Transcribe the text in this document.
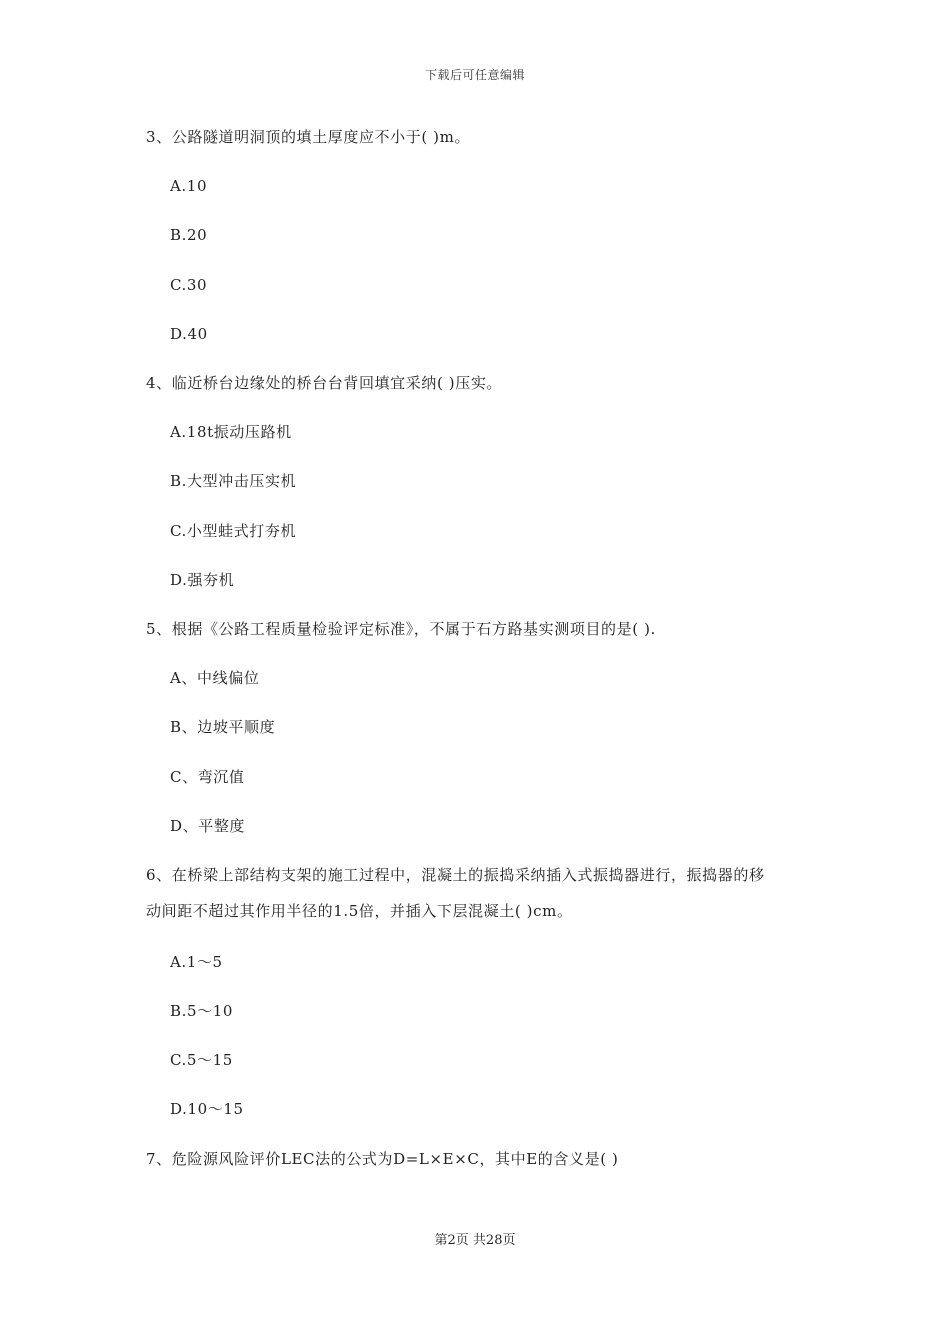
下载后可任意编辑
3、公路隧道明洞顶的填土厚度应不小于( )m。
A.10
B.20
C.30
D.40
4、临近桥台边缘处的桥台台背回填宜采纳( )压实。
A.18t振动压路机
B.大型冲击压实机
C.小型蛙式打夯机
D.强夯机
5、根据《公路工程质量检验评定标准》，不属于石方路基实测项目的是( ).
A、中线偏位
B、边坡平顺度
C、弯沉值
D、平整度
6、在桥梁上部结构支架的施工过程中，混凝土的振捣采纳插入式振捣器进行，振捣器的移
动间距不超过其作用半径的1.5倍，并插入下层混凝土( )cm。
A.1～5
B.5～10
C.5～15
D.10～15
7、危险源风险评价LEC法的公式为D=L×E×C，其中E的含义是( )
第2页 共28页
